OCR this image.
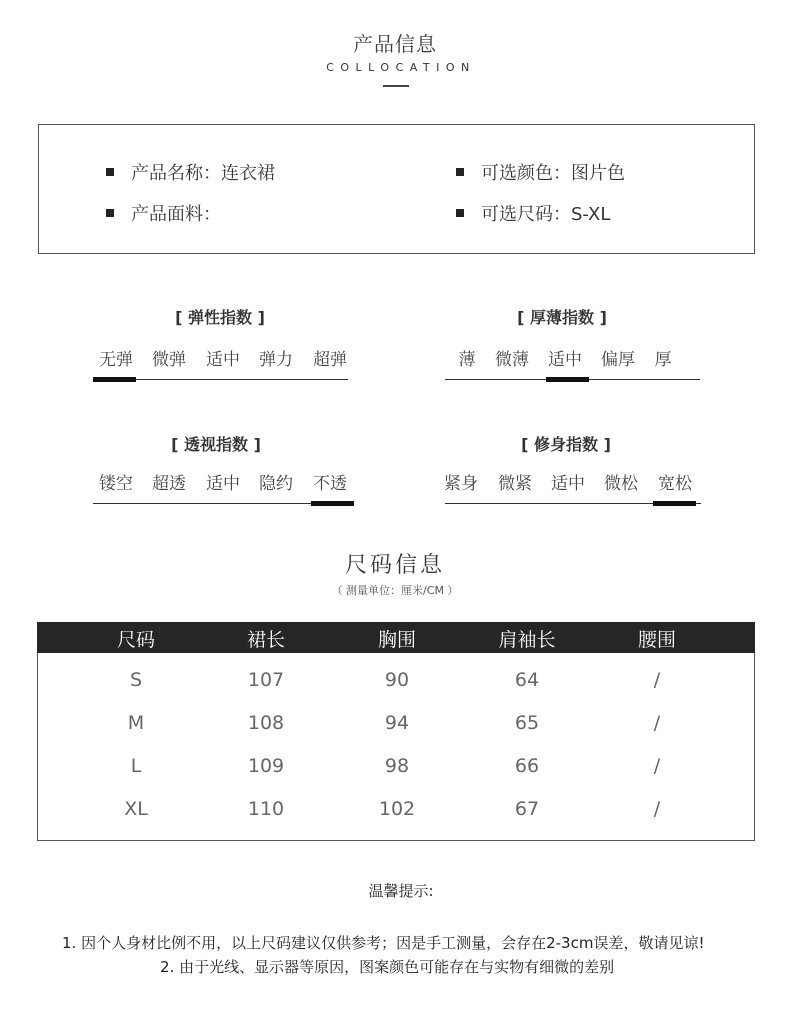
产品信息
COLLOCATION
产品名称：连衣裙
产品面料：
可选颜色：图片色
可选尺码：S-XL
[ 弹性指数 ]
无弹	微弹	适中	弹力	超弹
[ 厚薄指数 ]
薄	微薄	适中	偏厚	厚
[ 透视指数 ]
镂空	超透	适中	隐约	不透
[ 修身指数 ]
紧身	微紧	适中	微松	宽松
尺码信息
（ 测量单位：厘米/CM ）
尺码	裙长	胸围	肩袖长	腰围
S	107	90	64	/
M	108	94	65	/
L	109	98	66	/
XL	110	102	67	/
温馨提示:
1. 因个人身材比例不用，以上尺码建议仅供参考；因是手工测量，会存在2-3cm误差，敬请见谅!
2. 由于光线、显示器等原因，图案颜色可能存在与实物有细微的差别
